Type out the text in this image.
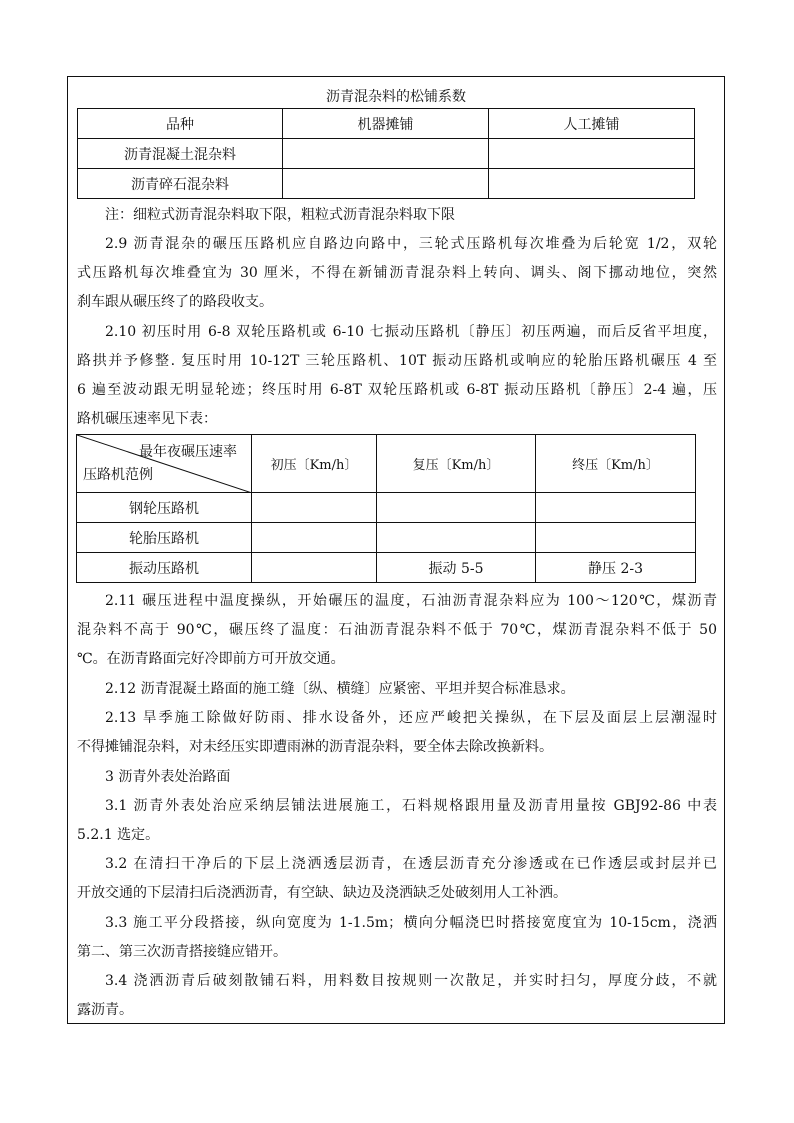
沥青混杂料的松铺系数
品种	机器摊铺	人工摊铺
沥青混凝土混杂料		
沥青碎石混杂料		
注：细粒式沥青混杂料取下限，粗粒式沥青混杂料取下限
2.9 沥青混杂的碾压压路机应自路边向路中，三轮式压路机每次堆叠为后轮宽 1/2，双轮
式压路机每次堆叠宜为 30 厘米，不得在新铺沥青混杂料上转向、调头、阁下挪动地位，突然
刹车跟从碾压终了的路段收支。
2.10 初压时用 6-8 双轮压路机或 6-10 七振动压路机〔静压〕初压两遍，而后反省平坦度，
路拱并予修整. 复压时用 10-12T 三轮压路机、10T 振动压路机或响应的轮胎压路机碾压 4 至
6 遍至波动跟无明显轮迹；终压时用 6-8T 双轮压路机或 6-8T 振动压路机〔静压〕2-4 遍，压
路机碾压速率见下表：
最年夜碾压速率
压路机范例	初压〔Km/h〕	复压〔Km/h〕	终压〔Km/h〕
钢轮压路机			
轮胎压路机			
振动压路机		振动 5-5	静压 2-3
2.11 碾压进程中温度操纵，开始碾压的温度，石油沥青混杂料应为 100～120℃，煤沥青
混杂料不高于 90℃，碾压终了温度：石油沥青混杂料不低于 70℃，煤沥青混杂料不低于 50
℃。在沥青路面完好冷即前方可开放交通。
2.12 沥青混凝土路面的施工缝〔纵、横缝〕应紧密、平坦并契合标准恳求。
2.13 旱季施工除做好防雨、排水设备外，还应严峻把关操纵，在下层及面层上层潮湿时
不得摊铺混杂料，对未经压实即遭雨淋的沥青混杂料，要全体去除改换新料。
3 沥青外表处治路面
3.1 沥青外表处治应采纳层铺法进展施工，石料规格跟用量及沥青用量按 GBJ92-86 中表
5.2.1 选定。
3.2 在清扫干净后的下层上浇洒透层沥青，在透层沥青充分渗透或在已作透层或封层并已
开放交通的下层清扫后浇洒沥青，有空缺、缺边及浇洒缺乏处破刻用人工补洒。
3.3 施工平分段搭接，纵向宽度为 1-1.5m；横向分幅浇巴时搭接宽度宜为 10-15cm，浇洒
第二、第三次沥青搭接缝应错开。
3.4 浇洒沥青后破刻散铺石料，用料数目按规则一次散足，并实时扫匀，厚度分歧，不就
露沥青。
